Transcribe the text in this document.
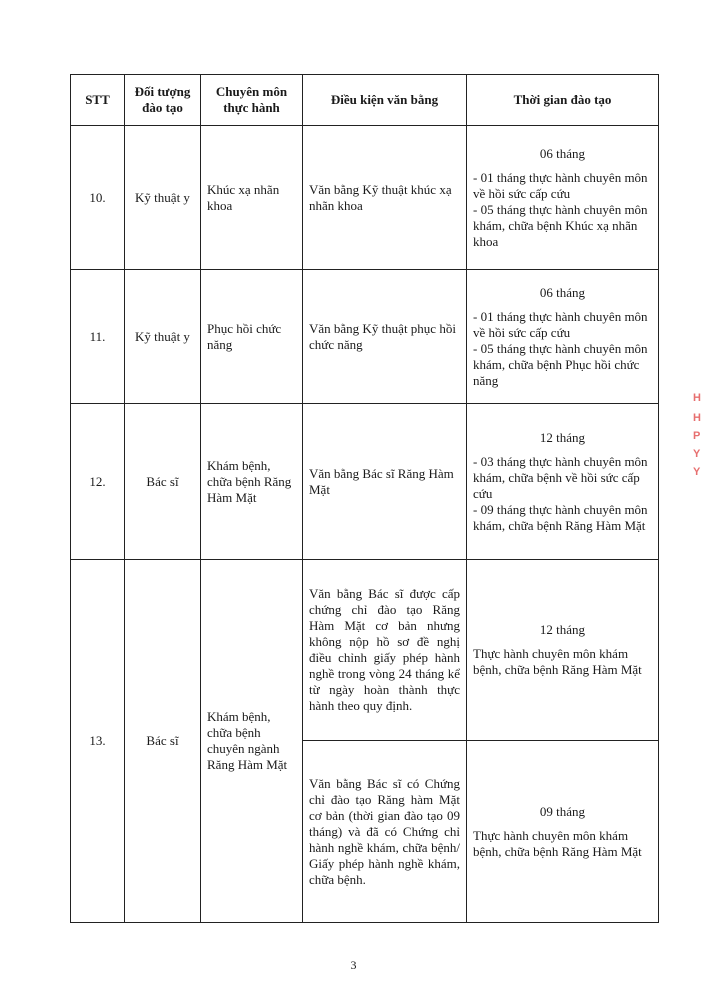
STT	Đối tượng đào tạo	Chuyên môn thực hành	Điều kiện văn bằng	Thời gian đào tạo
10.	Kỹ thuật y	Khúc xạ nhãn khoa	Văn bằng Kỹ thuật khúc xạ nhãn khoa	06 tháng
- 01 tháng thực hành chuyên môn về hồi sức cấp cứu
- 05 tháng thực hành chuyên môn khám, chữa bệnh Khúc xạ nhãn khoa

11.	Kỹ thuật y	Phục hồi chức năng	Văn bằng Kỹ thuật phục hồi chức năng	06 tháng
- 01 tháng thực hành chuyên môn về hồi sức cấp cứu
- 05 tháng thực hành chuyên môn khám, chữa bệnh Phục hồi chức năng

12.	Bác sĩ	Khám bệnh, chữa bệnh Răng Hàm Mặt	Văn bằng Bác sĩ Răng Hàm Mặt	12 tháng
- 03 tháng thực hành chuyên môn khám, chữa bệnh về hồi sức cấp cứu
- 09 tháng thực hành chuyên môn khám, chữa bệnh Răng Hàm Mặt

13.	Bác sĩ	Khám bệnh, chữa bệnh chuyên ngành Răng Hàm Mặt	Văn bằng Bác sĩ được cấp chứng chỉ đào tạo Răng Hàm Mặt cơ bản nhưng không nộp hồ sơ đề nghị điều chỉnh giấy phép hành nghề trong vòng 24 tháng kể từ ngày hoàn thành thực hành theo quy định.	12 tháng
Thực hành chuyên môn khám bệnh, chữa bệnh Răng Hàm Mặt

			Văn bằng Bác sĩ có Chứng chỉ đào tạo Răng hàm Mặt cơ bản (thời gian đào tạo 09 tháng) và đã có Chứng chỉ hành nghề khám, chữa bệnh/ Giấy phép hành nghề khám, chữa bệnh.	09 tháng
Thực hành chuyên môn khám bệnh, chữa bệnh Răng Hàm Mặt
H
H
P
Y
Y
3
